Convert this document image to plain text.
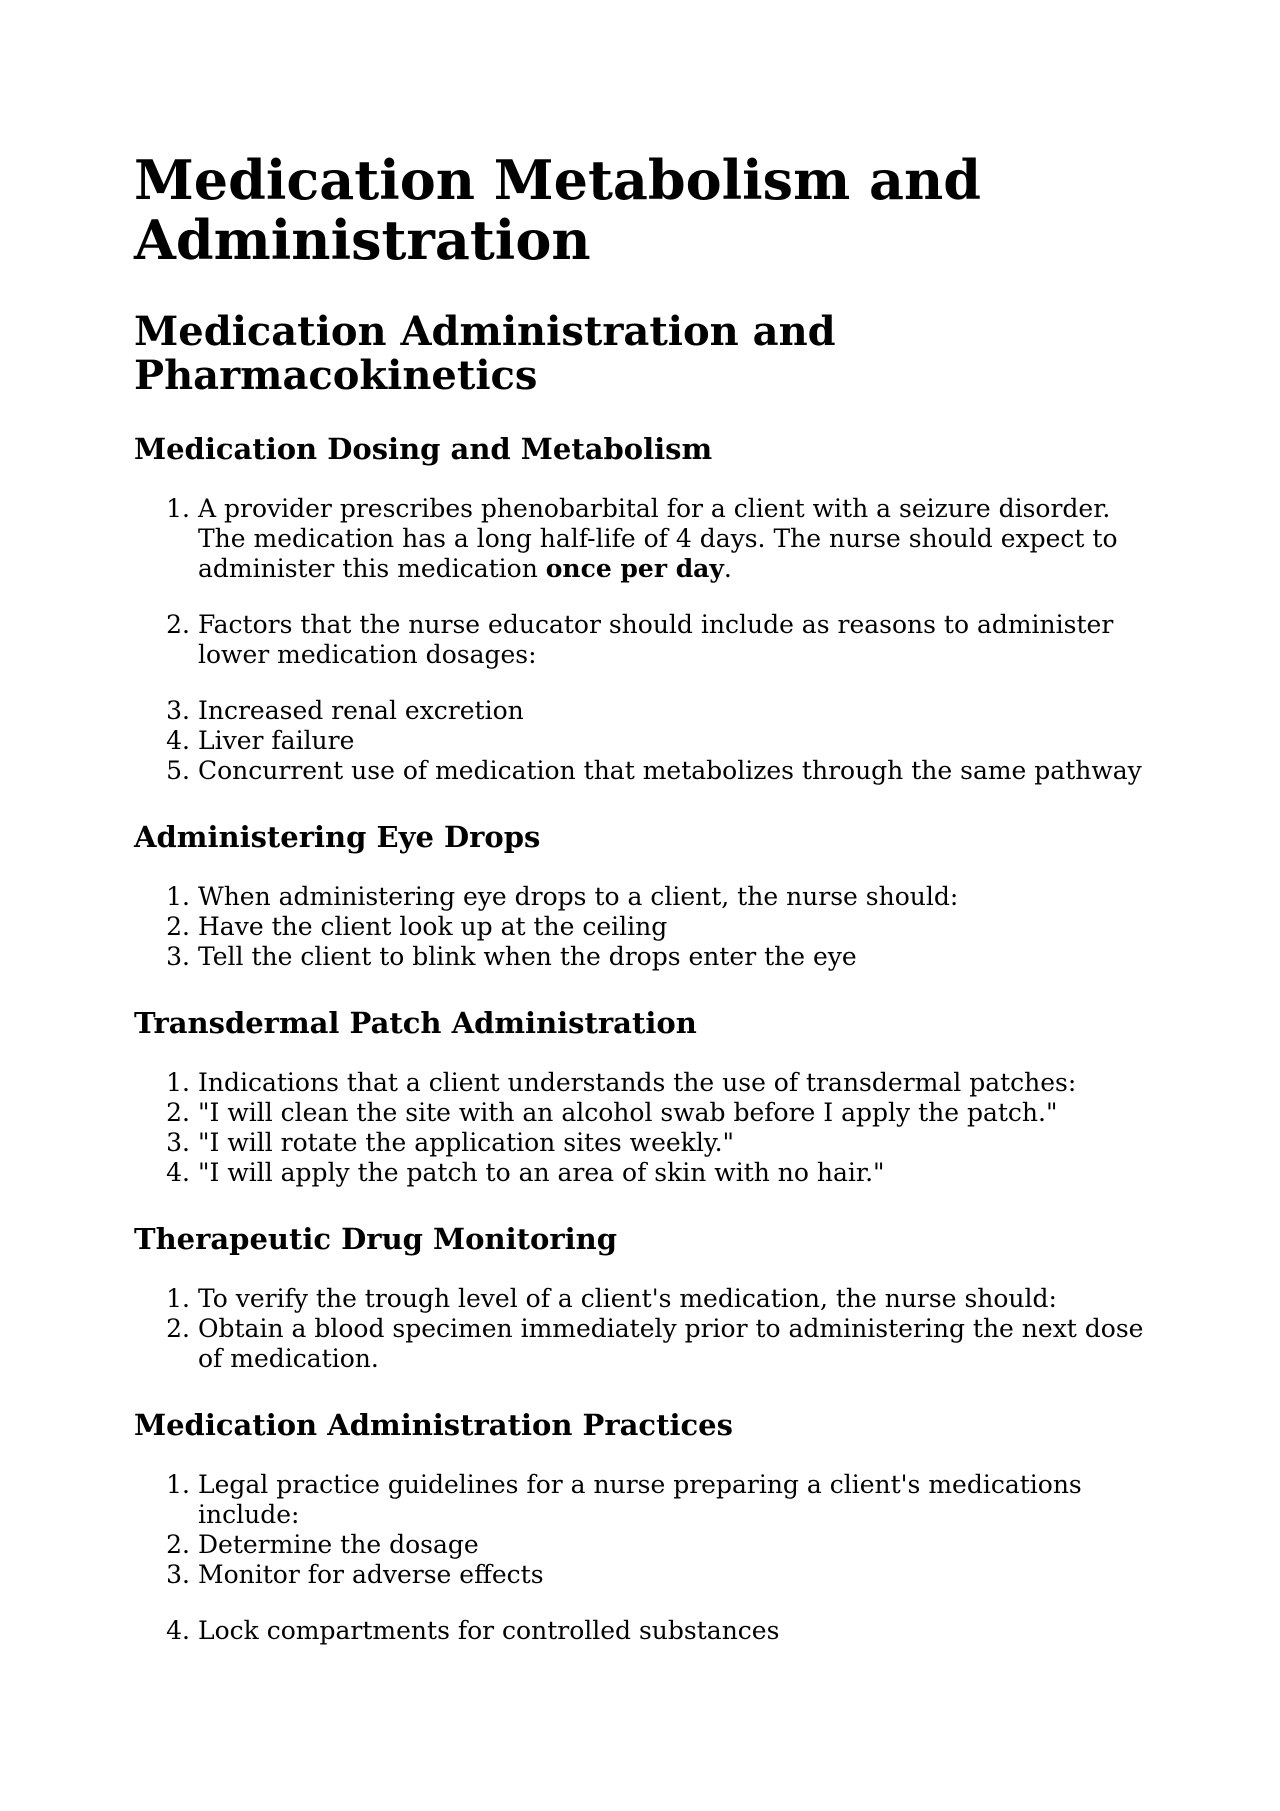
Medication Metabolism and Administration
Medication Administration and Pharmacokinetics
Medication Dosing and Metabolism
1. A provider prescribes phenobarbital for a client with a seizure disorder. The medication has a long half-life of 4 days. The nurse should expect to administer this medication once per day.
2. Factors that the nurse educator should include as reasons to administer lower medication dosages:
3. Increased renal excretion
4. Liver failure
5. Concurrent use of medication that metabolizes through the same pathway
Administering Eye Drops
1. When administering eye drops to a client, the nurse should:
2. Have the client look up at the ceiling
3. Tell the client to blink when the drops enter the eye
Transdermal Patch Administration
1. Indications that a client understands the use of transdermal patches:
2. "I will clean the site with an alcohol swab before I apply the patch."
3. "I will rotate the application sites weekly."
4. "I will apply the patch to an area of skin with no hair."
Therapeutic Drug Monitoring
1. To verify the trough level of a client's medication, the nurse should:
2. Obtain a blood specimen immediately prior to administering the next dose of medication.
Medication Administration Practices
1. Legal practice guidelines for a nurse preparing a client's medications include:
2. Determine the dosage
3. Monitor for adverse effects
4. Lock compartments for controlled substances
